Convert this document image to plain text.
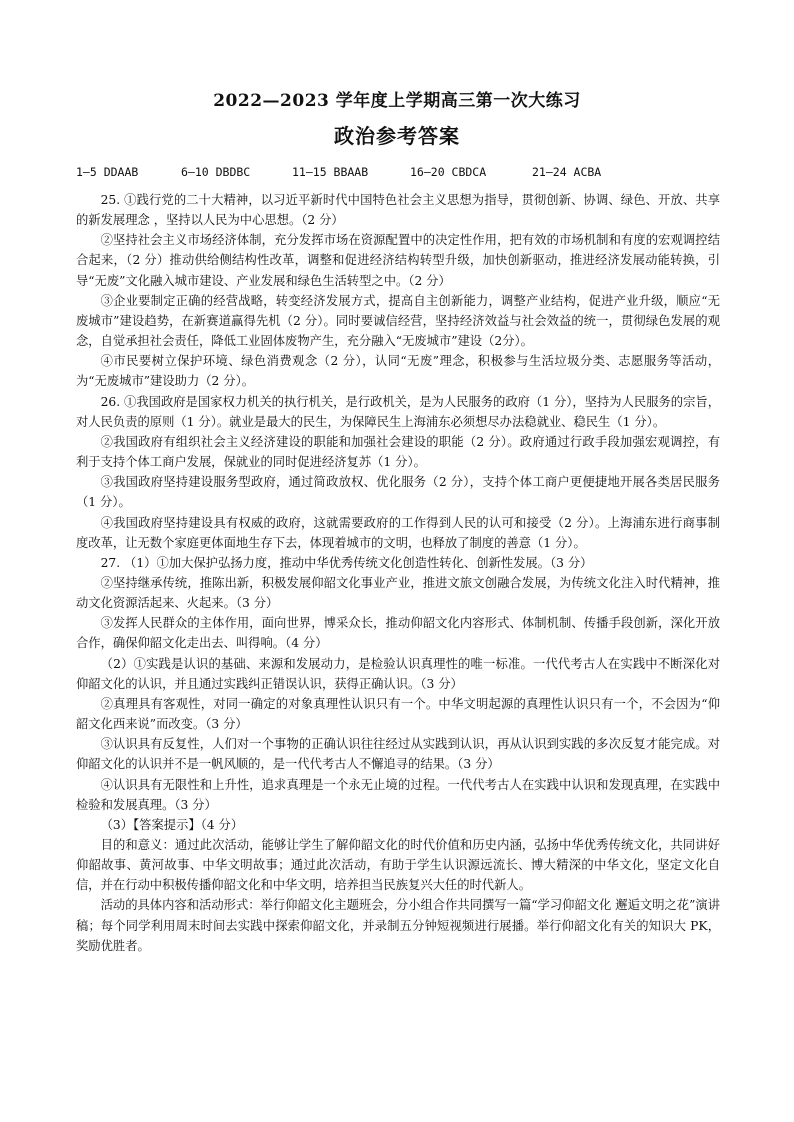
2022—2023 学年度上学期高三第一次大练习
政治参考答案
1–5 DDAAB	6–10 DBDBC	11–15 BBAAB	16–20 CBDCA	21–24 ACBA

25. ①践行党的二十大精神，以习近平新时代中国特色社会主义思想为指导，贯彻创新、协调、绿色、开放、共享的新发展理念 ，坚持以人民为中心思想。（2 分）

②坚持社会主义市场经济体制，充分发挥市场在资源配置中的决定性作用，把有效的市场机制和有度的宏观调控结合起来，（2 分）推动供给侧结构性改革，调整和促进经济结构转型升级，加快创新驱动，推进经济发展动能转换，引导“无废”文化融入城市建设、产业发展和绿色生活转型之中。（2 分）

③企业要制定正确的经营战略，转变经济发展方式，提高自主创新能力，调整产业结构，促进产业升级，顺应“无废城市”建设趋势，在新赛道赢得先机（2 分）。同时要诚信经营，坚持经济效益与社会效益的统一，贯彻绿色发展的观念，自觉承担社会责任，降低工业固体废物产生，充分融入“无废城市”建设（2分）。

④市民要树立保护环境、绿色消费观念（2 分），认同“无废”理念，积极参与生活垃圾分类、志愿服务等活动，为“无废城市”建设助力（2 分）。

26. ①我国政府是国家权力机关的执行机关，是行政机关，是为人民服务的政府（1 分），坚持为人民服务的宗旨，对人民负责的原则（1 分）。就业是最大的民生，为保障民生上海浦东必须想尽办法稳就业、稳民生（1 分）。

②我国政府有组织社会主义经济建设的职能和加强社会建设的职能（2 分）。政府通过行政手段加强宏观调控，有利于支持个体工商户发展，保就业的同时促进经济复苏（1 分）。

③我国政府坚持建设服务型政府，通过简政放权、优化服务（2 分），支持个体工商户更便捷地开展各类居民服务（1 分）。

④我国政府坚持建设具有权威的政府，这就需要政府的工作得到人民的认可和接受（2 分）。上海浦东进行商事制度改革，让无数个家庭更体面地生存下去，体现着城市的文明，也释放了制度的善意（1 分）。

27. （1）①加大保护弘扬力度，推动中华优秀传统文化创造性转化、创新性发展。（3 分）

②坚持继承传统，推陈出新，积极发展仰韶文化事业产业，推进文旅文创融合发展，为传统文化注入时代精神，推动文化资源活起来、火起来。（3 分）

③发挥人民群众的主体作用，面向世界，博采众长，推动仰韶文化内容形式、体制机制、传播手段创新，深化开放合作，确保仰韶文化走出去、叫得响。（4 分）

（2）①实践是认识的基础、来源和发展动力，是检验认识真理性的唯一标准。一代代考古人在实践中不断深化对仰韶文化的认识，并且通过实践纠正错误认识，获得正确认识。（3 分）

②真理具有客观性，对同一确定的对象真理性认识只有一个。中华文明起源的真理性认识只有一个，不会因为“仰韶文化西来说”而改变。（3 分）

③认识具有反复性，人们对一个事物的正确认识往往经过从实践到认识，再从认识到实践的多次反复才能完成。对仰韶文化的认识并不是一帆风顺的，是一代代考古人不懈追寻的结果。（3 分）

④认识具有无限性和上升性，追求真理是一个永无止境的过程。一代代考古人在实践中认识和发现真理，在实践中检验和发展真理。（3 分）

（3）【答案提示】（4 分）

目的和意义：通过此次活动，能够让学生了解仰韶文化的时代价值和历史内涵，弘扬中华优秀传统文化，共同讲好仰韶故事、黄河故事、中华文明故事；通过此次活动，有助于学生认识源远流长、博大精深的中华文化，坚定文化自信，并在行动中积极传播仰韶文化和中华文明，培养担当民族复兴大任的时代新人。

活动的具体内容和活动形式：举行仰韶文化主题班会，分小组合作共同撰写一篇“学习仰韶文化 邂逅文明之花”演讲稿；每个同学利用周末时间去实践中探索仰韶文化，并录制五分钟短视频进行展播。举行仰韶文化有关的知识大 PK，奖励优胜者。
